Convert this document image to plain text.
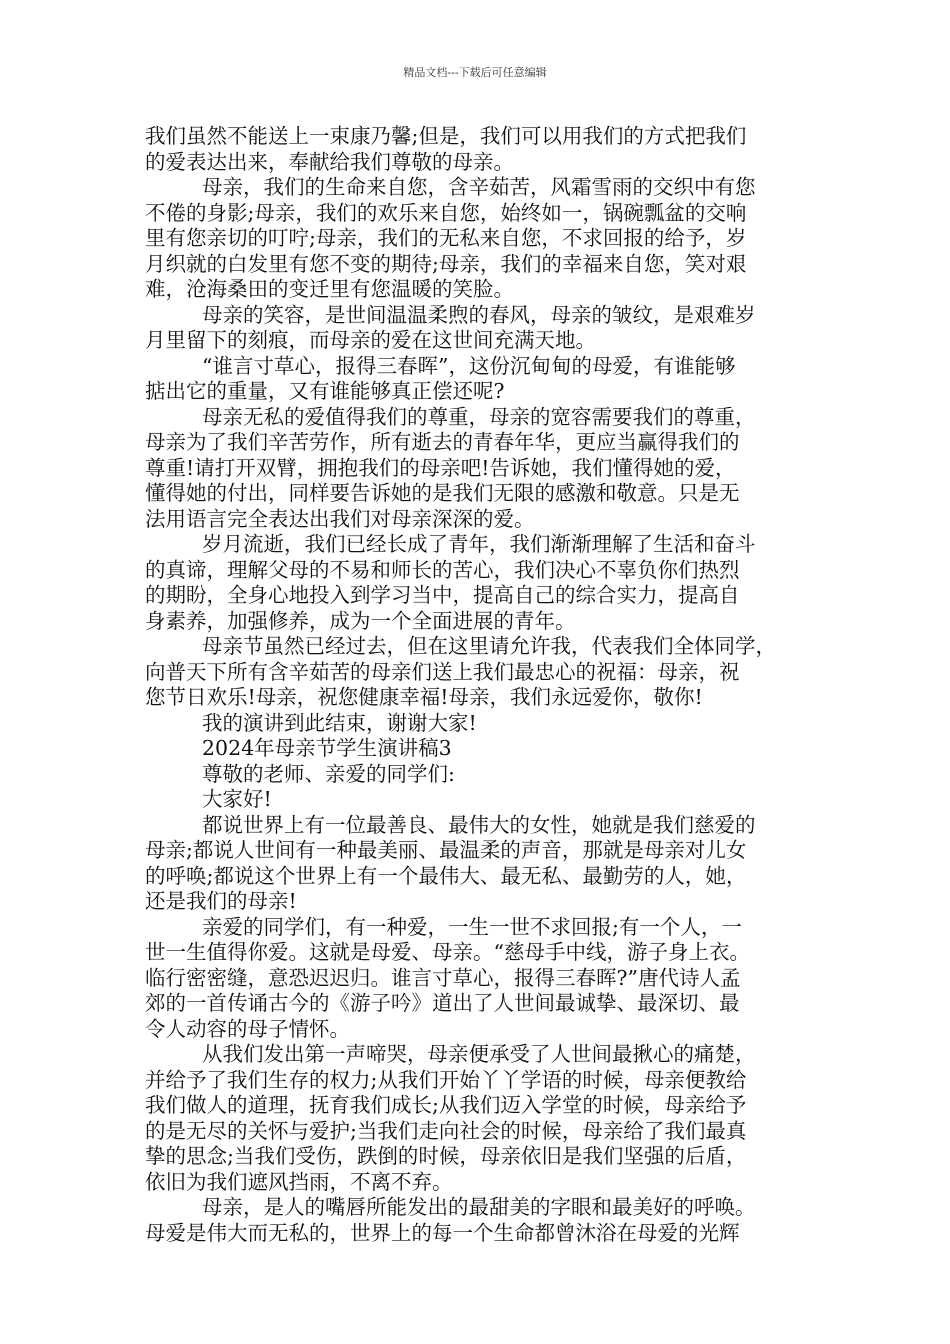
精品文档---下载后可任意编辑
我们虽然不能送上一束康乃馨;但是，我们可以用我们的方式把我们
的爱表达出来，奉献给我们尊敬的母亲。
母亲，我们的生命来自您，含辛茹苦，风霜雪雨的交织中有您
不倦的身影;母亲，我们的欢乐来自您，始终如一，锅碗瓢盆的交响
里有您亲切的叮咛;母亲，我们的无私来自您，不求回报的给予，岁
月织就的白发里有您不变的期待;母亲，我们的幸福来自您，笑对艰
难，沧海桑田的变迁里有您温暖的笑脸。
母亲的笑容，是世间温温柔煦的春风，母亲的皱纹，是艰难岁
月里留下的刻痕，而母亲的爱在这世间充满天地。
“谁言寸草心，报得三春晖”，这份沉甸甸的母爱，有谁能够
掂出它的重量，又有谁能够真正偿还呢?
母亲无私的爱值得我们的尊重，母亲的宽容需要我们的尊重，
母亲为了我们辛苦劳作，所有逝去的青春年华，更应当赢得我们的
尊重!请打开双臂，拥抱我们的母亲吧!告诉她，我们懂得她的爱，
懂得她的付出，同样要告诉她的是我们无限的感激和敬意。只是无
法用语言完全表达出我们对母亲深深的爱。
岁月流逝，我们已经长成了青年，我们渐渐理解了生活和奋斗
的真谛，理解父母的不易和师长的苦心，我们决心不辜负你们热烈
的期盼，全身心地投入到学习当中，提高自己的综合实力，提高自
身素养，加强修养，成为一个全面进展的青年。
母亲节虽然已经过去，但在这里请允许我，代表我们全体同学，
向普天下所有含辛茹苦的母亲们送上我们最忠心的祝福：母亲，祝
您节日欢乐!母亲，祝您健康幸福!母亲，我们永远爱你，敬你!
我的演讲到此结束，谢谢大家!
2024年母亲节学生演讲稿3
尊敬的老师、亲爱的同学们:
大家好!
都说世界上有一位最善良、最伟大的女性，她就是我们慈爱的
母亲;都说人世间有一种最美丽、最温柔的声音，那就是母亲对儿女
的呼唤;都说这个世界上有一个最伟大、最无私、最勤劳的人，她，
还是我们的母亲!
亲爱的同学们，有一种爱，一生一世不求回报;有一个人，一
世一生值得你爱。这就是母爱、母亲。“慈母手中线，游子身上衣。
临行密密缝，意恐迟迟归。谁言寸草心，报得三春晖?”唐代诗人孟
郊的一首传诵古今的《游子吟》道出了人世间最诚挚、最深切、最
令人动容的母子情怀。
从我们发出第一声啼哭，母亲便承受了人世间最揪心的痛楚，
并给予了我们生存的权力;从我们开始丫丫学语的时候，母亲便教给
我们做人的道理，抚育我们成长;从我们迈入学堂的时候，母亲给予
的是无尽的关怀与爱护;当我们走向社会的时候，母亲给了我们最真
挚的思念;当我们受伤，跌倒的时候，母亲依旧是我们坚强的后盾，
依旧为我们遮风挡雨，不离不弃。
母亲，是人的嘴唇所能发出的最甜美的字眼和最美好的呼唤。
母爱是伟大而无私的，世界上的每一个生命都曾沐浴在母爱的光辉
